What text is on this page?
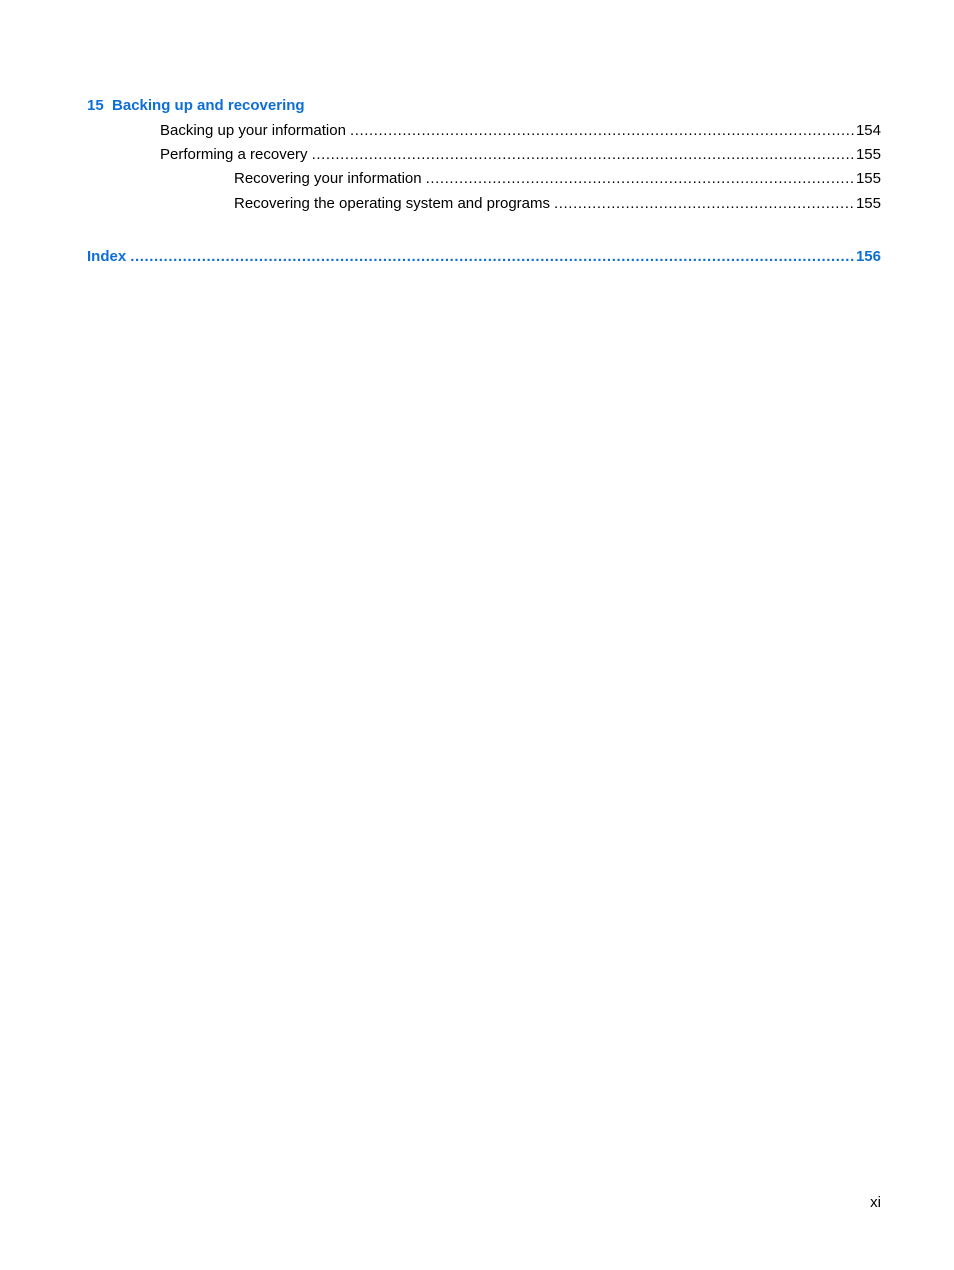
15  Backing up and recovering
Backing up your information .....	154
Performing a recovery .....	155
Recovering your information .....	155
Recovering the operating system and programs .....	155
Index .....	156
xi
